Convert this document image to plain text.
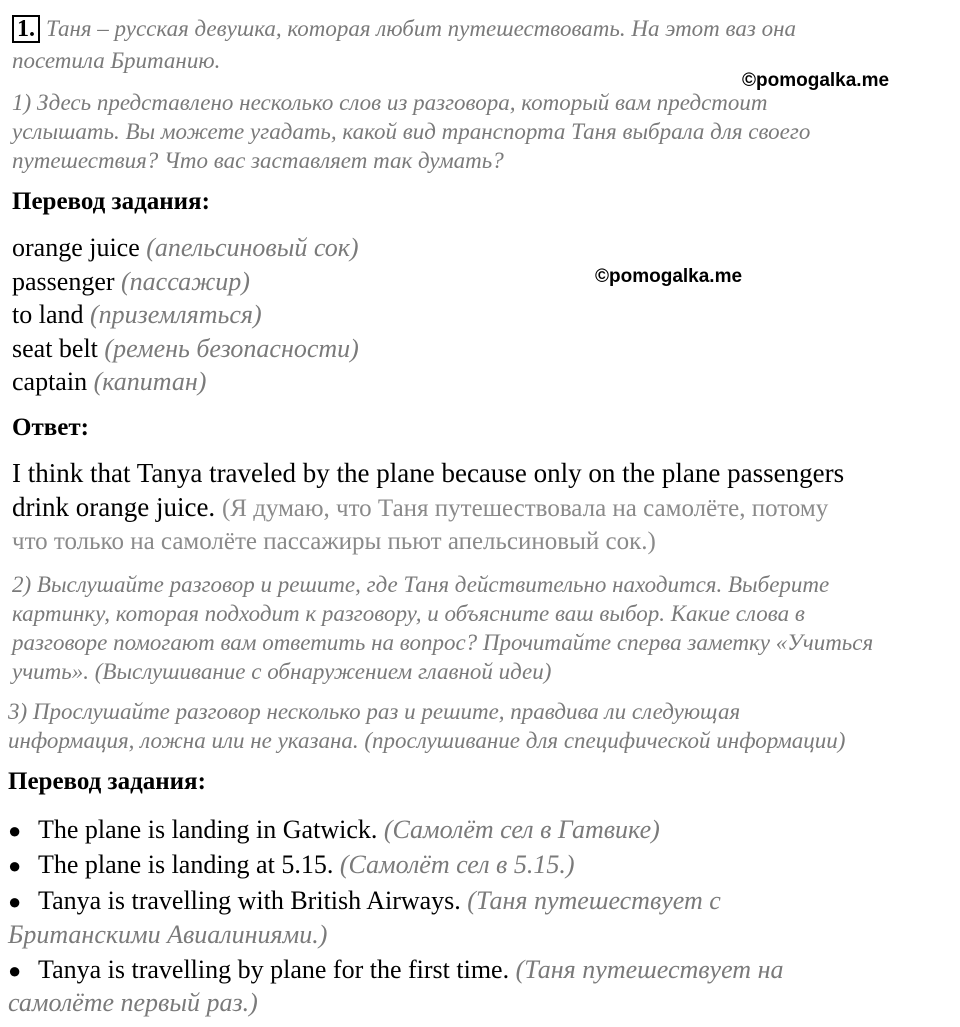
1. Таня – русская девушка, которая любит путешествовать. На этот ваз она
посетила Британию.
©pomogalka.me
1) Здесь представлено несколько слов из разговора, который вам предстоит
услышать. Вы можете угадать, какой вид транспорта Таня выбрала для своего
путешествия? Что вас заставляет так думать?
Перевод задания:
orange juice (апельсиновый сок)
passenger (пассажир)	©pomogalka.me
to land (приземляться)
seat belt (ремень безопасности)
captain (капитан)
Ответ:
I think that Tanya traveled by the plane because only on the plane passengers
drink orange juice. (Я думаю, что Таня путешествовала на самолёте, потому
что только на самолёте пассажиры пьют апельсиновый сок.)
2) Выслушайте разговор и решите, где Таня действительно находится. Выберите
картинку, которая подходит к разговору, и объясните ваш выбор. Какие слова в
разговоре помогают вам ответить на вопрос? Прочитайте сперва заметку «Учиться
учить». (Выслушивание с обнаружением главной идеи)
3) Прослушайте разговор несколько раз и решите, правдива ли следующая
информация, ложна или не указана. (прослушивание для специфической информации)
Перевод задания:
● The plane is landing in Gatwick. (Самолёт сел в Гатвике)
● The plane is landing at 5.15. (Самолёт сел в 5.15.)
● Tanya is travelling with British Airways. (Таня путешествует с
Британскими Авиалиниями.)
● Tanya is travelling by plane for the first time. (Таня путешествует на
самолёте первый раз.)
